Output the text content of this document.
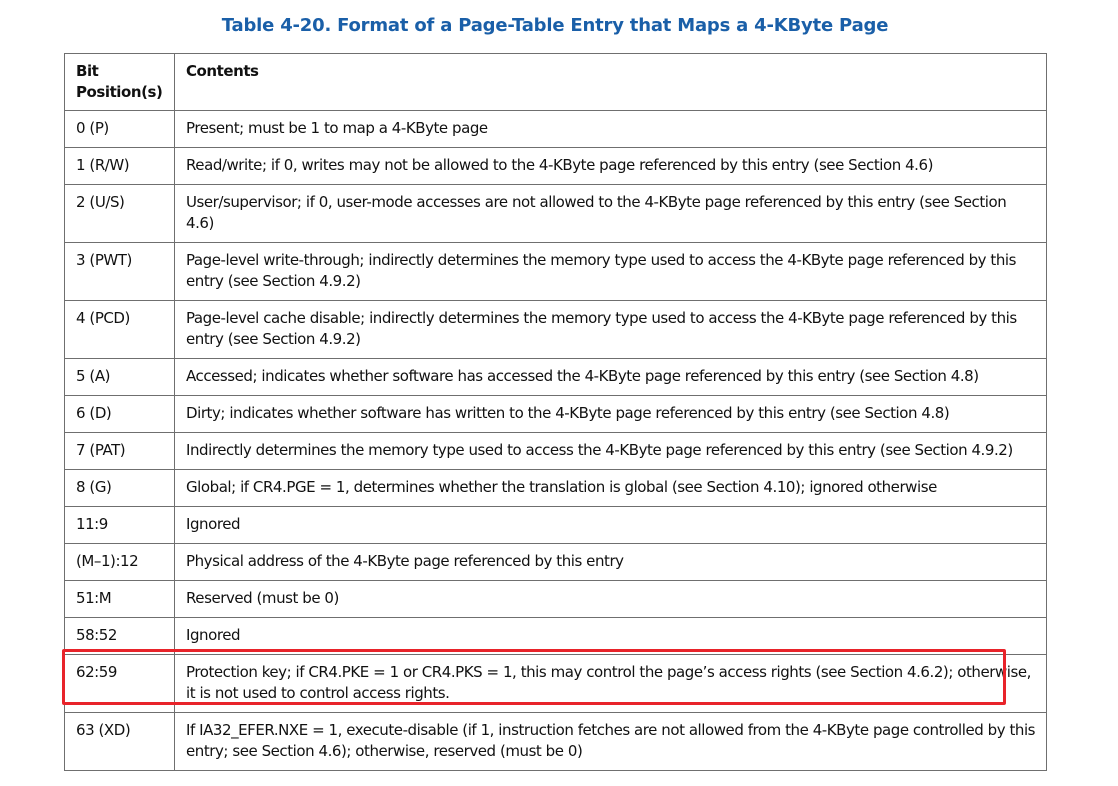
Table 4-20. Format of a Page-Table Entry that Maps a 4-KByte Page
Bit
Position(s)	Contents
0 (P)	Present; must be 1 to map a 4-KByte page
1 (R/W)	Read/write; if 0, writes may not be allowed to the 4-KByte page referenced by this entry (see Section 4.6)
2 (U/S)	User/supervisor; if 0, user-mode accesses are not allowed to the 4-KByte page referenced by this entry (see Section 4.6)
3 (PWT)	Page-level write-through; indirectly determines the memory type used to access the 4-KByte page referenced by this entry (see Section 4.9.2)
4 (PCD)	Page-level cache disable; indirectly determines the memory type used to access the 4-KByte page referenced by this entry (see Section 4.9.2)
5 (A)	Accessed; indicates whether software has accessed the 4-KByte page referenced by this entry (see Section 4.8)
6 (D)	Dirty; indicates whether software has written to the 4-KByte page referenced by this entry (see Section 4.8)
7 (PAT)	Indirectly determines the memory type used to access the 4-KByte page referenced by this entry (see Section 4.9.2)
8 (G)	Global; if CR4.PGE = 1, determines whether the translation is global (see Section 4.10); ignored otherwise
11:9	Ignored
(M–1):12	Physical address of the 4-KByte page referenced by this entry
51:M	Reserved (must be 0)
58:52	Ignored
62:59	Protection key; if CR4.PKE = 1 or CR4.PKS = 1, this may control the page’s access rights (see Section 4.6.2); otherwise, it is not used to control access rights.
63 (XD)	If IA32_EFER.NXE = 1, execute-disable (if 1, instruction fetches are not allowed from the 4-KByte page controlled by this entry; see Section 4.6); otherwise, reserved (must be 0)
